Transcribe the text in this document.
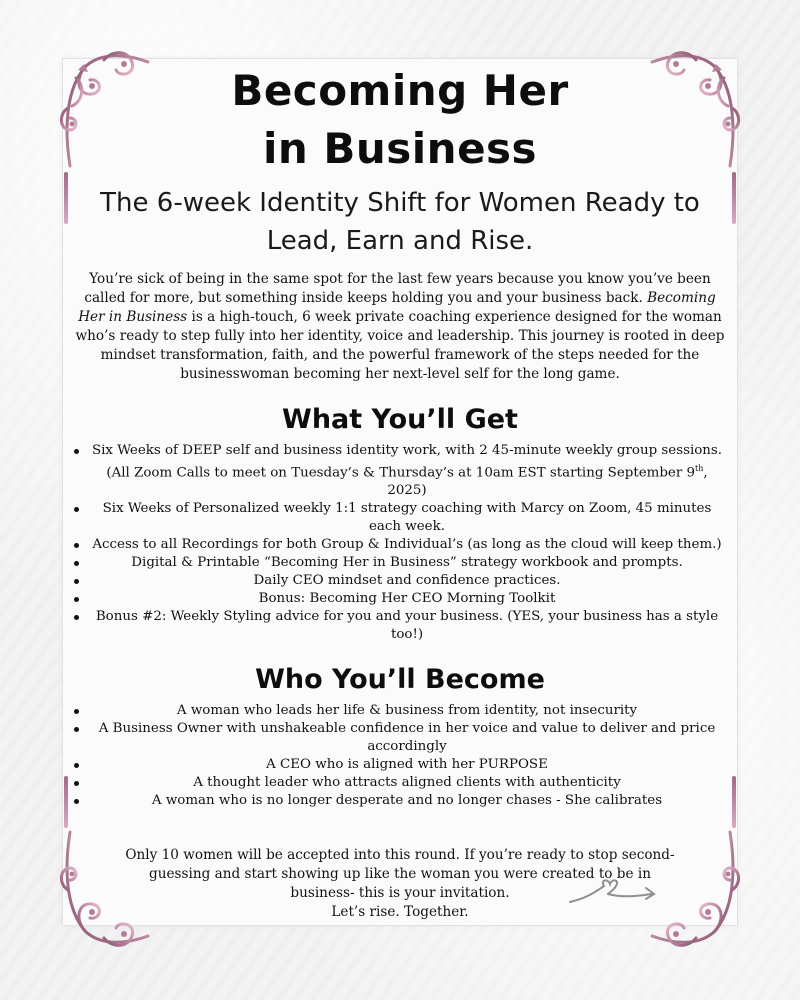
Becoming Her
in Business
The 6-week Identity Shift for Women Ready to Lead, Earn and Rise.

You’re sick of being in the same spot for the last few years because you know you’ve been called for more, but something inside keeps holding you and your business back. Becoming Her in Business is a high-touch, 6 week private coaching experience designed for the woman who’s ready to step fully into her identity, voice and leadership. This journey is rooted in deep mindset transformation, faith, and the powerful framework of the steps needed for the businesswoman becoming her next-level self for the long game.

What You’ll Get
Six Weeks of DEEP self and business identity work, with 2 45-minute weekly group sessions. (All Zoom Calls to meet on Tuesday’s & Thursday’s at 10am EST starting September 9th, 2025)
Six Weeks of Personalized weekly 1:1 strategy coaching with Marcy on Zoom, 45 minutes each week.
Access to all Recordings for both Group & Individual’s (as long as the cloud will keep them.)
Digital & Printable “Becoming Her in Business” strategy workbook and prompts.
Daily CEO mindset and confidence practices.
Bonus: Becoming Her CEO Morning Toolkit
Bonus #2: Weekly Styling advice for you and your business. (YES, your business has a style too!)
Who You’ll Become
A woman who leads her life & business from identity, not insecurity
A Business Owner with unshakeable confidence in her voice and value to deliver and price accordingly
A CEO who is aligned with her PURPOSE
A thought leader who attracts aligned clients with authenticity
A woman who is no longer desperate and no longer chases - She calibrates

Only 10 women will be accepted into this round. If you’re ready to stop second-guessing and start showing up like the woman you were created to be in business- this is your invitation.
Let’s rise. Together.
